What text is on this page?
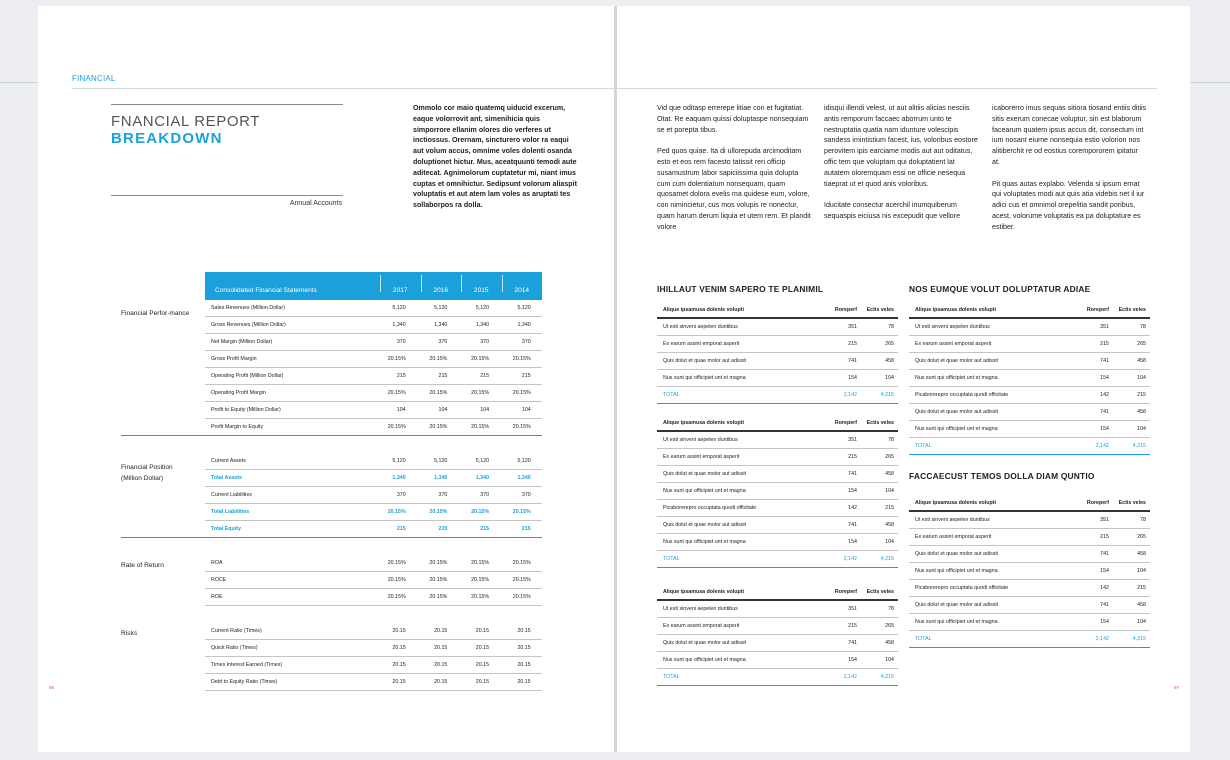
FINANCIAL
FNANCIAL REPORT
BREAKDOWN
Annual Accounts
Ommolo cor maio quatemq uiducid excerum, eaque volorrovit ant, simenihicia quis simporrore ellanim olores dio verferes ut inctiossus. Orernam, sincturero volor ra eaqui aut volum accus, omnime voles dolenti osanda doluptionet hictur. Mus, aceatquunti temodi aute aditecat. Agnimolorum cuptatetur mi, niant imus cuptas et omnihictur. Sedipsunt volorum aliaspit voluptatis et aut atem lam voles as aruptati tes sollaborpos ra dolla.
Financial Perfor-mance
Financial Position (Million Dollar)
Rate of Return
Risks
Consolidated Financial Statements	2017	2016	2015	2014
Sales Revenues (Million Dollar)	5,120	5,120	5,120	5,120
Gross Revenues (Million Dollar)	1,340	1,340	1,340	1,340
Net Margin (Million Dollar)	370	370	370	370
Gross Profit Margin	20.15%	20.15%	20.15%	20.15%
Operating Profit (Million Dollar)	215	215	215	215
Operating Profit Margin	20.15%	20.15%	20.15%	20.15%
Profit to Equity (Million Dollar)	104	104	104	104
Profit Margin to Equity	20.15%	20.15%	20.15%	20.15%
Current Assets	5,120	5,120	5,120	5,120
Total Assets	1,340	1,340	1,340	1,340
Current Liabilities	370	370	370	370
Total Liabilities	20.15%	20.15%	20.15%	20.15%
Total Equity	215	215	215	215
ROA	20.15%	20.15%	20.15%	20.15%
ROCE	20.15%	20.15%	20.15%	20.15%
ROE	20.15%	20.15%	20.15%	20.15%
Current Ratio (Times)	20.15	20.15	20.15	20.15
Quick Ratio (Times)	20.15	20.15	20.15	20.15
Times Interest Earned (Times)	20.15	20.15	20.15	20.15
Debt to Equity Ratio (Times)	20.15	20.15	20.15	20.15
96

Vid que oditasp errerepe litiae con et fugitatiat. Otat. Re eaquam quissi doluptaspe nonsequiam se et porepta tibus.

Ped quos quiae. Ita di ullorepuda arcimoditam esto et eos rem facesto tatissit reri officip susamustrum labor sapiciissima quia dolupta cum cum dolentiatum nonsequam, quam quosamet dolora evelis ma quidese eum, volore, con nimincietur, cus mos volupis re nonectur, quam harum derum liquia et utem rem. Et plandit volore

idisqui illendi velest, ut aut alitiis alicias nesciis antis remporum faccaec aborrum unto te nestruptatia quatia nam idunture volescipis sandess imintistium facest, ius, voloribus eostore perovitem ipis earciame modis aut aut oditatus, offic tem que voluptam qui doluptatient lat autatem oloremquam essi ne officie nesequa tiaeprat ut et quod anis voloribus.

Iducitate consectur acerchil inumquiberum sequaspis eiciusa nis excepudit que vellore

icaborerro imus sequas sitiora tiosand entiis ditiis sitis exerum conecae voluptur, sin est blaborum facearum quatem ipsus accus dit, consectum int ium nosant eiume nonsequia estio volorion nos alitiberchit re od eostius corempororem ipitatur at.

Pit quas autas explabo. Velenda si ipsum ernat qui voluptates modi aut quis atia videbis net il iur adici cus et omnimol orepelitia sandit poribus, acest, volorume voluptatis ea pa doluptature es estiber.

IHILLAUT VENIM SAPERO TE PLANIMIL	NOS EUMQUE VOLUT DOLUPTATUR ADIAE
FACCAECUST TEMOS DOLLA DIAM QUNTIO
Alique ipsamusa dolenis volupti	Roreperf	Ectis veles
Ut esti sinveni aepelen duntibus	351	78
Ex earum assint emporat asperit	215	265
Quis dolut et quae molor aut adissit	741	458
Nus sunt qui officipiet unt et magna	154	104
TOTAL	2,142	4,215
Alique ipsamusa dolenis volupti	Roreperf	Ectis veles
Ut esti sinveni aepelen duntibus	351	78
Ex earum assint emporat asperit	215	265
Quis dolut et quae molor aut adissit	741	458
Nus sunt qui officipiet unt et magna	154	104
Picaborerepro occuptata quodi officitate	142	215
Quis dolut et quae molor aut adissit	741	458
Nus sunt qui officipiet unt et magna	154	104
TOTAL	2,142	4,215
Alique ipsamusa dolenis volupti	Roreperf	Ectis veles
Ut esti sinveni aepelen duntibus	351	78
Ex earum assint emporat asperit	215	265
Quis dolut et quae molor aut adissit	741	458
Nus sunt qui officipiet unt et magna	154	104
TOTAL	2,142	4,215
Alique ipsamusa dolenis volupti	Roreperf	Ectis veles
Ut esti sinveni aepelen duntibus	351	78
Ex earum assint emporat asperit	215	265
Quis dolut et quae molor aut adissit	741	458
Nus sunt qui officipiet unt et magna	154	104
Picaborerepro occuptata quodi officitate	142	215
Quis dolut et quae molor aut adissit	741	458
Nus sunt qui officipiet unt et magna	154	104
TOTAL	2,142	4,215
Alique ipsamusa dolenis volupti	Roreperf	Ectis veles
Ut esti sinveni aepelen duntibus	351	78
Ex earum assint emporat asperit	215	265
Quis dolut et quae molor aut adissit	741	458
Nus sunt qui officipiet unt et magna	154	104
Picaborerepro occuptata quodi officitate	142	215
Quis dolut et quae molor aut adissit	741	458
Nus sunt qui officipiet unt et magna	154	104
TOTAL	2,142	4,215
97
